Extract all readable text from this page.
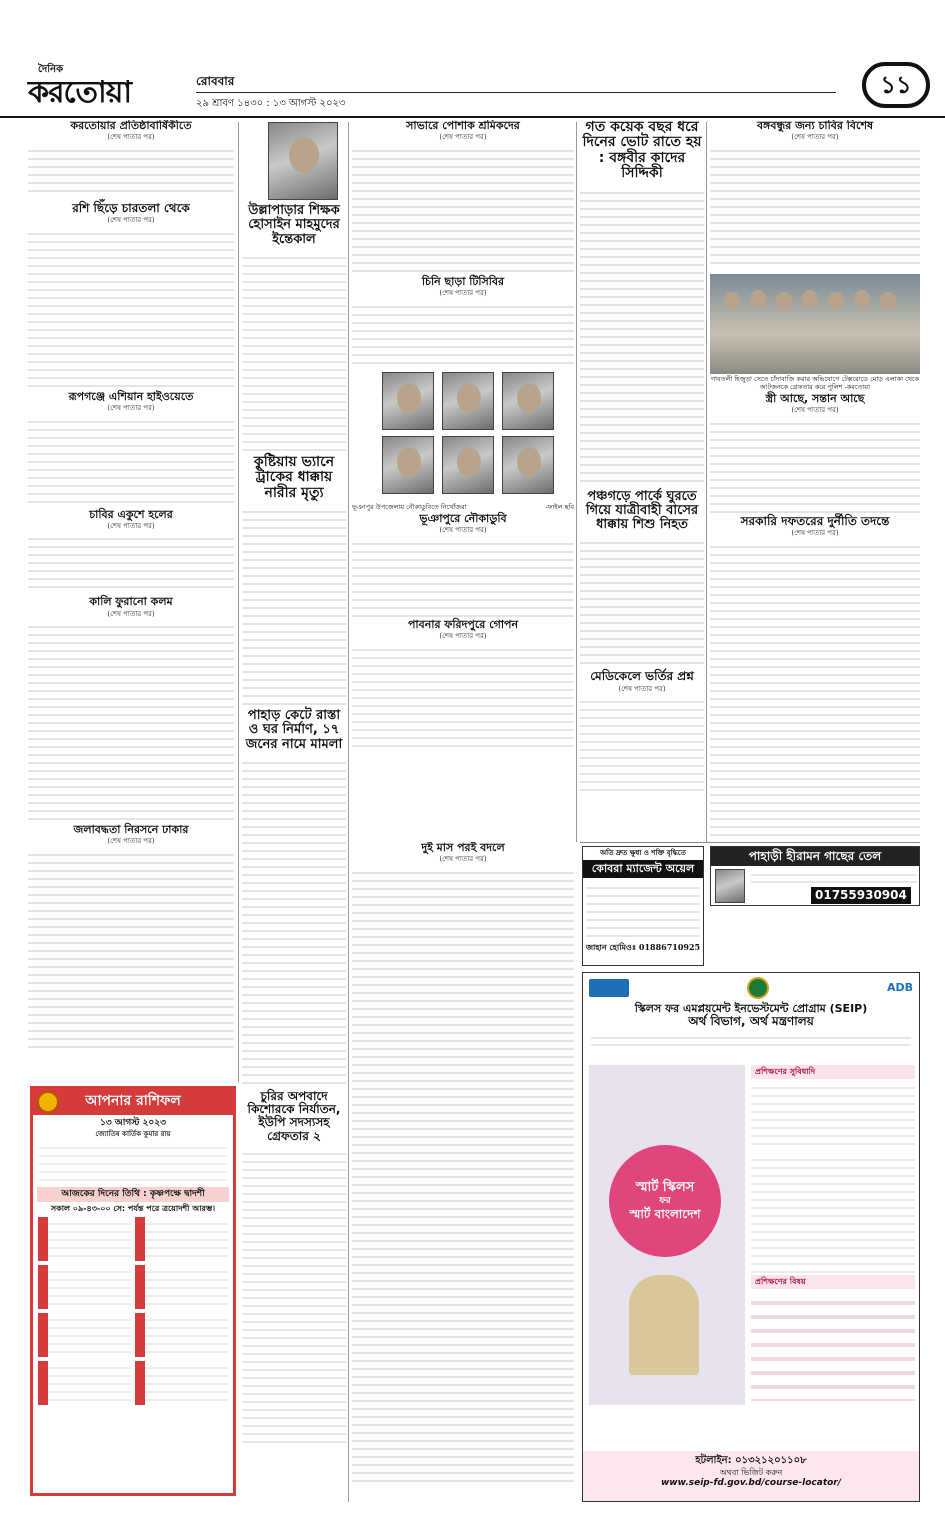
দৈনিক
করতোয়া	রোববার
২৯ শ্রাবণ ১৪৩০ : ১৩ আগস্ট ২০২৩
১১
করতোয়ার প্রতিষ্ঠাবার্ষিকীতে
(শেষ পাতার পর)
রশি ছিঁড়ে চারতলা থেকে
(শেষ পাতার পর)
রূপগঞ্জে এশিয়ান হাইওয়েতে
(শেষ পাতার পর)
চাবির একুশে হলের
(শেষ পাতার পর)
কালি ফুরানো কলম
(শেষ পাতার পর)
জলাবদ্ধতা নিরসনে ঢাকার
(শেষ পাতার পর)
আপনার রাশিফল
১৩ আগস্ট ২০২৩
জ্যোতিষ কার্তিক কুমার রায়
আজকের দিনের তিথি : কৃষ্ণপক্ষে দ্বাদশী
সকাল ০৯-৪৩-০০ সে: পর্যন্ত পরে ত্রয়োদশী আরম্ভ।
উল্লাপাড়ার শিক্ষক
হোসাইন মাহমুদের
ইন্তেকাল
কুষ্টিয়ায় ভ্যানে ট্রাকের ধাক্কায় নারীর মৃত্যু
পাহাড় কেটে রাস্তা ও ঘর নির্মাণ, ১৭ জনের নামে মামলা
চুরির অপবাদে কিশোরকে নির্যাতন, ইউপি সদস্যসহ গ্রেফতার ২
সাভারে পোশাক শ্রমিকদের
(শেষ পাতার পর)
চিনি ছাড়া টিসিবির
(শেষ পাতার পর)
ভূঞাপুর উপজেলায় নৌকাডুবিতে নিখোঁজরা	-ফাইল ছবি
ভূঞাপুরে নৌকাডুবি
(শেষ পাতার পর)
পাবনার ফরিদপুরে গোপন
(শেষ পাতার পর)
দুই মাস পরই বদলে
(শেষ পাতার পর)
গত কয়েক বছর ধরে দিনের ভোট রাতে হয় : বঙ্গবীর কাদের সিদ্দিকী
পঞ্চগড়ে পার্কে ঘুরতে গিয়ে যাত্রীবাহী বাসের ধাক্কায় শিশু নিহত
মেডিকেলে ভর্তির প্রশ্ন
(শেষ পাতার পর)
বঙ্গবন্ধুর জন্য চাবির বিশেষ
(শেষ পাতার পর)
গাবতলী হিজুড়া সেতে চাঁদাবাজি করার অভিযোগে টেক্সরোডে মোড় এলাকা থেকে আটজনকে গ্রেফতার করে পুলিশ -করতোয়া
স্ত্রী আছে, সন্তান আছে
(শেষ পাতার পর)
সরকারি দফতরের দুর্নীতি তদন্তে
(শেষ পাতার পর)
অতি দ্রুত ক্ষুধা ও শক্তি বৃদ্ধিতে
কোবরা ম্যাজেন্ট অয়েল
জাহান হোমিওঃ 01886710925
পাহাড়ী হীরামন গাছের তেল
01755930904
ADB
স্কিলস ফর এমপ্লয়মেন্ট ইনভেস্টমেন্ট প্রোগ্রাম (SEIP)
অর্থ বিভাগ, অর্থ মন্ত্রণালয়
স্মার্ট স্কিলস
ফর
স্মার্ট বাংলাদেশ
প্রশিক্ষণের সুবিধাদি
প্রশিক্ষণের বিষয়
হটলাইন: ০১৩২১২০১১০৮
অথবা ভিজিট করুন
www.seip-fd.gov.bd/course-locator/
